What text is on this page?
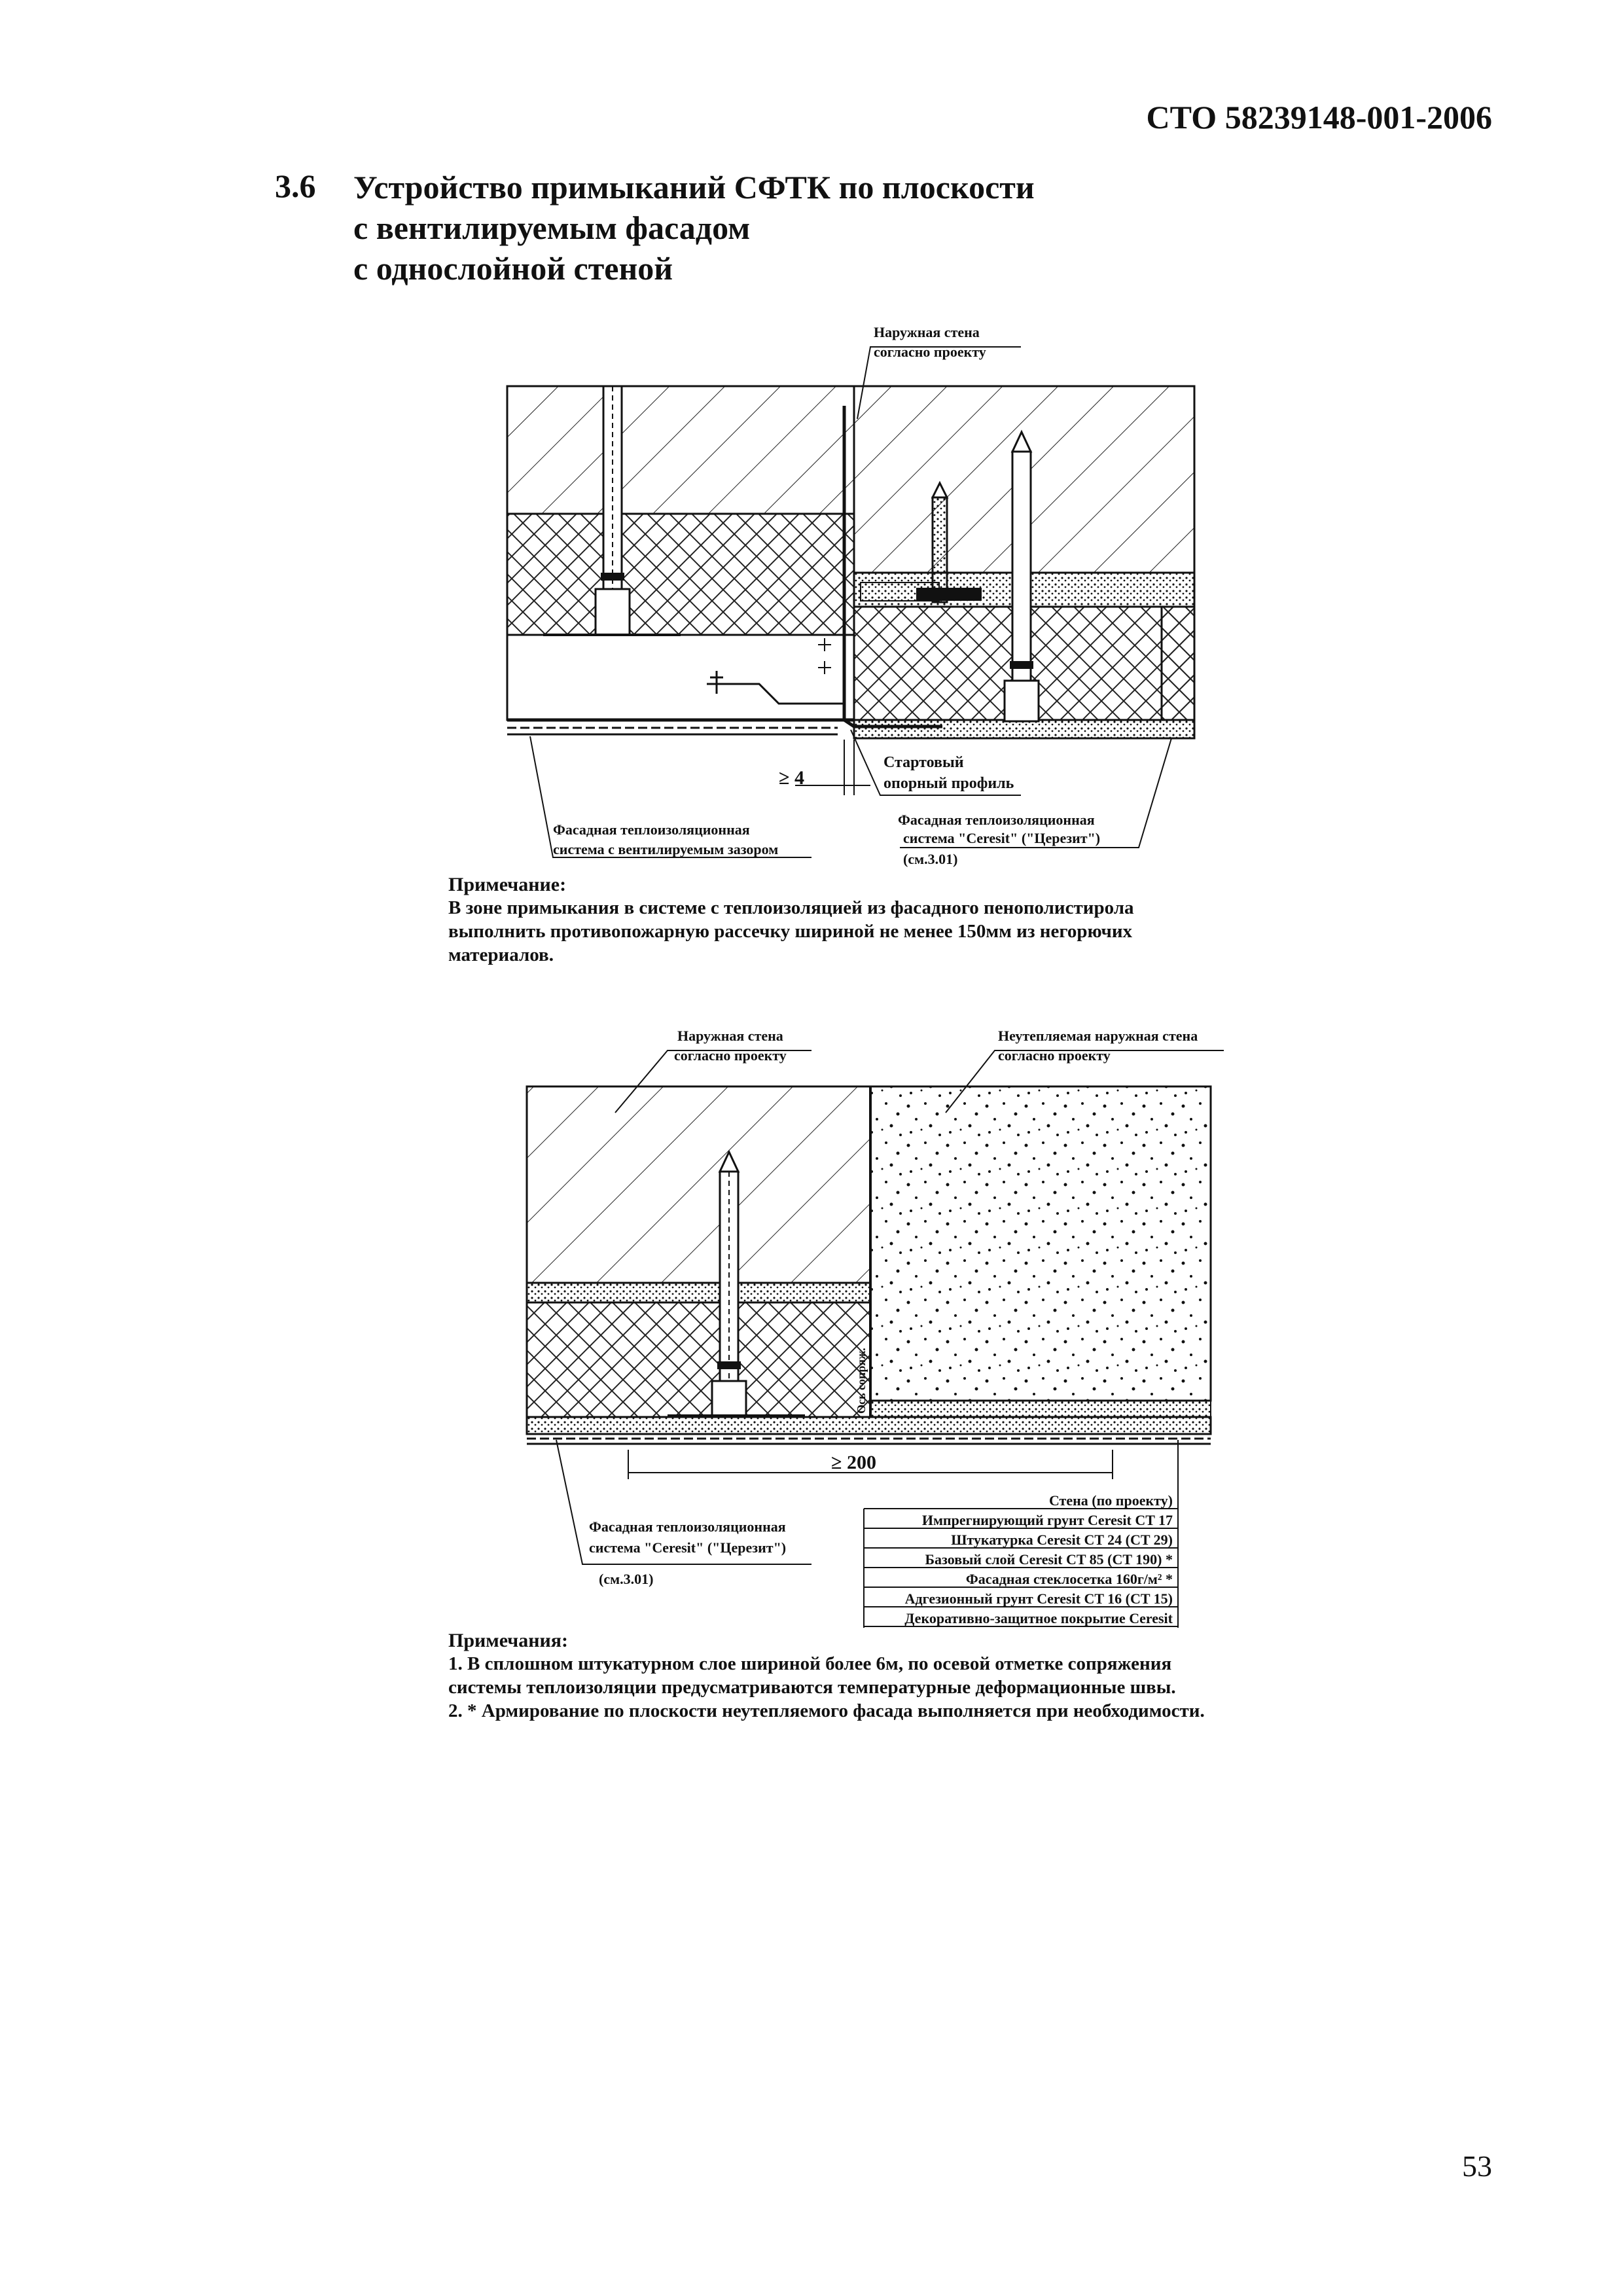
СТО 58239148-001-2006
3.6 Устройство примыканий СФТК по плоскости
с вентилируемым фасадом
с однослойной стеной
≥ 4
Наружная стена
согласно проекту
Стартовый
опорный профиль
Фасадная теплоизоляционная
система с вентилируемым зазором
Фасадная теплоизоляционная
система "Ceresit" ("Церезит")
(см.3.01)
Ось сопряж.
≥ 200
Наружная стена
согласно проекту
Неутепляемая наружная стена
согласно проекту
Фасадная теплоизоляционная
система "Ceresit" ("Церезит")
(см.3.01)
Стена (по проекту)
Импрегнирующий грунт Ceresit CT 17
Штукатурка Ceresit CT 24 (CT 29)
Базовый слой Ceresit CT 85 (CT 190) *
Фасадная стеклосетка 160г/м² *
Адгезионный грунт Ceresit CT 16 (CT 15)
Декоративно-защитное покрытие Ceresit
Примечание:
В зоне примыкания в системе с теплоизоляцией из фасадного пенополистирола
выполнить противопожарную рассечку шириной не менее 150мм из негорючих
материалов.
Примечания:
1. В сплошном штукатурном слое шириной более 6м, по осевой отметке сопряжения
системы теплоизоляции предусматриваются температурные деформационные швы.
2. * Армирование по плоскости неутепляемого фасада выполняется при необходимости.
53
